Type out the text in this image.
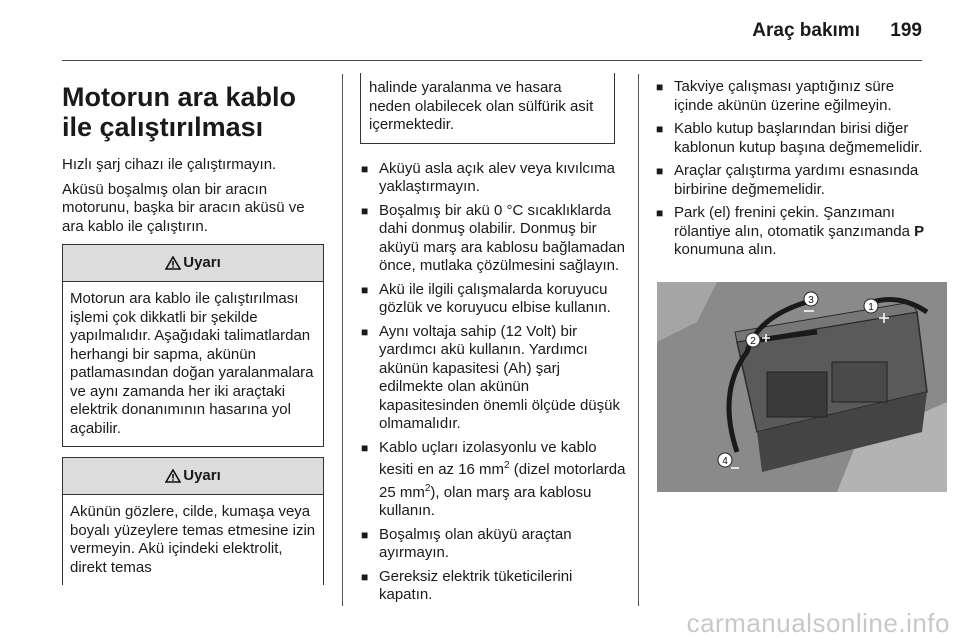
Araç bakımı 199
Motorun ara kablo ile çalıştırılması

Hızlı şarj cihazı ile çalıştırmayın.

Aküsü boşalmış olan bir aracın motorunu, başka bir aracın aküsü ve ara kablo ile çalıştırın.

Uyarı
Motorun ara kablo ile çalıştırılması işlemi çok dikkatli bir şekilde yapılmalıdır. Aşağıdaki talimatlardan herhangi bir sapma, akünün patlamasından doğan yaralanmalara ve aynı zamanda her iki araçtaki elektrik donanımının hasarına yol açabilir.
Uyarı
Akünün gözlere, cilde, kumaşa veya boyalı yüzeylere temas etmesine izin vermeyin. Akü içindeki elektrolit, direkt temas
halinde yaralanma ve hasara neden olabilecek olan sülfürik asit içermektedir.
■ Aküyü asla açık alev veya kıvılcıma yaklaştırmayın.
■ Boşalmış bir akü 0 °C sıcaklıklarda dahi donmuş olabilir. Donmuş bir aküyü marş ara kablosu bağlamadan önce, mutlaka çözülmesini sağlayın.
■ Akü ile ilgili çalışmalarda koruyucu gözlük ve koruyucu elbise kullanın.
■ Aynı voltaja sahip (12 Volt) bir yardımcı akü kullanın. Yardımcı akünün kapasitesi (Ah) şarj edilmekte olan akünün kapasitesinden önemli ölçüde düşük olmamalıdır.
■ Kablo uçları izolasyonlu ve kablo kesiti en az 16 $mm^2$ (dizel motorlarda 25 $mm^2$), olan marş ara kablosu kullanın.
■ Boşalmış olan aküyü araçtan ayırmayın.
■ Gereksiz elektrik tüketicilerini kapatın.
■ Takviye çalışması yaptığınız süre içinde akünün üzerine eğilmeyin.
■ Kablo kutup başlarından birisi diğer kablonun kutup başına değmemelidir.
■ Araçlar çalıştırma yardımı esnasında birbirine değmemelidir.
■ Park (el) frenini çekin. Şanzımanı rölantiye alın, otomatik şanzımanda P konumuna alın.
1
2
3
4
carmanualsonline.info
